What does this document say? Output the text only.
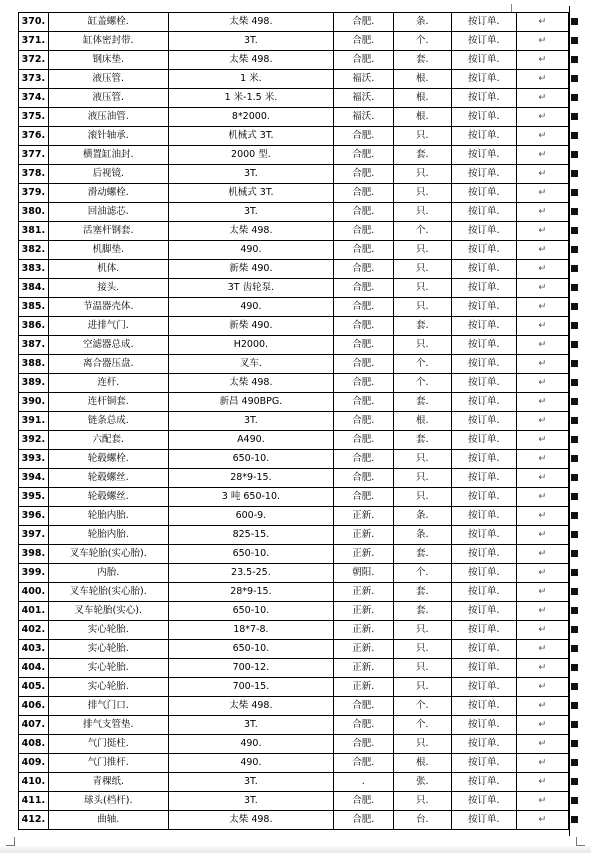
370.	缸盖螺栓.	太柴 498.	合肥.	条.	按订单.	↵
371.	缸体密封带.	3T.	合肥.	个.	按订单.	↵
372.	钢床垫.	太柴 498.	合肥.	套.	按订单.	↵
373.	液压管.	1 米.	福沃.	根.	按订单.	↵
374.	液压管.	1 米-1.5 米.	福沃.	根.	按订单.	↵
375.	液压油管.	8*2000.	福沃.	根.	按订单.	↵
376.	滚针轴承.	机械式 3T.	合肥.	只.	按订单.	↵
377.	横置缸油封.	2000 型.	合肥.	套.	按订单.	↵
378.	后视镜.	3T.	合肥.	只.	按订单.	↵
379.	滑动螺栓.	机械式 3T.	合肥.	只.	按订单.	↵
380.	回油滤芯.	3T.	合肥.	只.	按订单.	↵
381.	活塞杆钢套.	太柴 498.	合肥.	个.	按订单.	↵
382.	机脚垫.	490.	合肥.	只.	按订单.	↵
383.	机体.	新柴 490.	合肥.	只.	按订单.	↵
384.	接头.	3T 齿轮泵.	合肥.	只.	按订单.	↵
385.	节温器壳体.	490.	合肥.	只.	按订单.	↵
386.	进排气门.	新柴 490.	合肥.	套.	按订单.	↵
387.	空滤器总成.	H2000.	合肥.	只.	按订单.	↵
388.	离合器压盘.	叉车.	合肥.	个.	按订单.	↵
389.	连杆.	太柴 498.	合肥.	个.	按订单.	↵
390.	连杆铜套.	新昌 490BPG.	合肥.	套.	按订单.	↵
391.	链条总成.	3T.	合肥.	根.	按订单.	↵
392.	六配套.	A490.	合肥.	套.	按订单.	↵
393.	轮毂螺栓.	650-10.	合肥.	只.	按订单.	↵
394.	轮毂螺丝.	28*9-15.	合肥.	只.	按订单.	↵
395.	轮毂螺丝.	3 吨 650-10.	合肥.	只.	按订单.	↵
396.	轮胎内胎.	600-9.	正新.	条.	按订单.	↵
397.	轮胎内胎.	825-15.	正新.	条.	按订单.	↵
398.	叉车轮胎(实心胎).	650-10.	正新.	套.	按订单.	↵
399.	内胎.	23.5-25.	朝阳.	个.	按订单.	↵
400.	叉车轮胎(实心胎).	28*9-15.	正新.	套.	按订单.	↵
401.	叉车轮胎(实心).	650-10.	正新.	套.	按订单.	↵
402.	实心轮胎.	18*7-8.	正新.	只.	按订单.	↵
403.	实心轮胎.	650-10.	正新.	只.	按订单.	↵
404.	实心轮胎.	700-12.	正新.	只.	按订单.	↵
405.	实心轮胎.	700-15.	正新.	只.	按订单.	↵
406.	排气门口.	太柴 498.	合肥.	个.	按订单.	↵
407.	排气支管垫.	3T.	合肥.	个.	按订单.	↵
408.	气门挺柱.	490.	合肥.	只.	按订单.	↵
409.	气门推杆.	490.	合肥.	根.	按订单.	↵
410.	青稞纸.	3T.	.	张.	按订单.	↵
411.	球头(档杆).	3T.	合肥.	只.	按订单.	↵
412.	曲轴.	太柴 498.	合肥.	台.	按订单.	↵
